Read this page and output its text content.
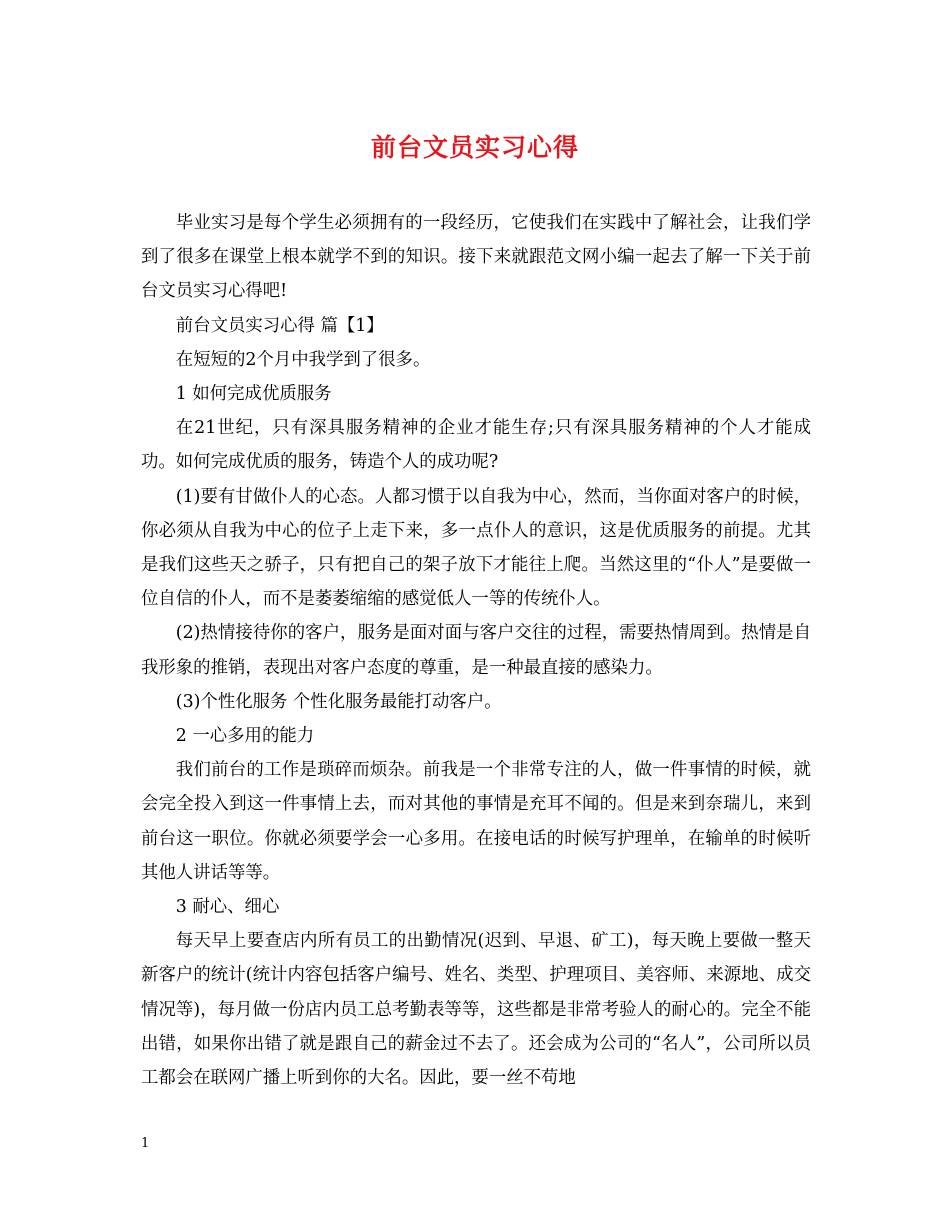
前台文员实习心得

毕业实习是每个学生必须拥有的一段经历，它使我们在实践中了解社会，让我们学到了很多在课堂上根本就学不到的知识。接下来就跟范文网小编一起去了解一下关于前台文员实习心得吧!

前台文员实习心得 篇【1】

在短短的2个月中我学到了很多。

1 如何完成优质服务

在21世纪，只有深具服务精神的企业才能生存;只有深具服务精神的个人才能成功。如何完成优质的服务，铸造个人的成功呢?

(1)要有甘做仆人的心态。人都习惯于以自我为中心，然而，当你面对客户的时候，你必须从自我为中心的位子上走下来，多一点仆人的意识，这是优质服务的前提。尤其是我们这些天之骄子，只有把自己的架子放下才能往上爬。当然这里的“仆人”是要做一位自信的仆人，而不是萎萎缩缩的感觉低人一等的传统仆人。

(2)热情接待你的客户，服务是面对面与客户交往的过程，需要热情周到。热情是自我形象的推销，表现出对客户态度的尊重，是一种最直接的感染力。

(3)个性化服务 个性化服务最能打动客户。

2 一心多用的能力

我们前台的工作是琐碎而烦杂。前我是一个非常专注的人，做一件事情的时候，就会完全投入到这一件事情上去，而对其他的事情是充耳不闻的。但是来到奈瑞儿，来到前台这一职位。你就必须要学会一心多用。在接电话的时候写护理单，在输单的时候听其他人讲话等等。

3 耐心、细心

每天早上要查店内所有员工的出勤情况(迟到、早退、矿工)，每天晚上要做一整天新客户的统计(统计内容包括客户编号、姓名、类型、护理项目、美容师、来源地、成交情况等)，每月做一份店内员工总考勤表等等，这些都是非常考验人的耐心的。完全不能出错，如果你出错了就是跟自己的薪金过不去了。还会成为公司的“名人”，公司所以员工都会在联网广播上听到你的大名。因此，要一丝不苟地

1
